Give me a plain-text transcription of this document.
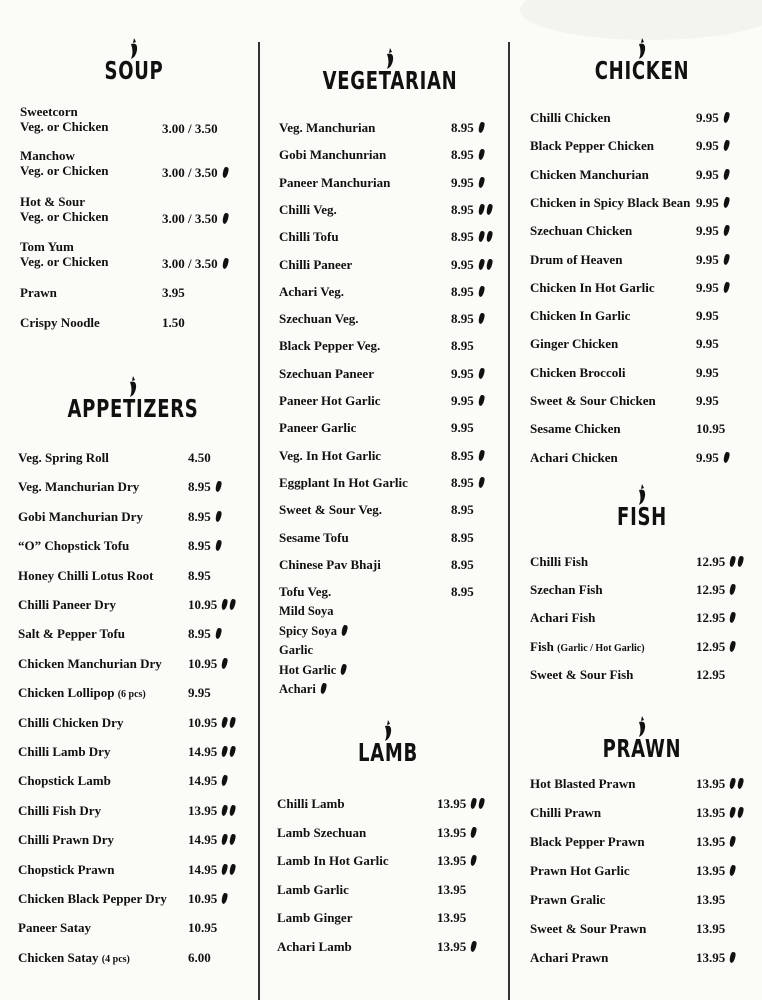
SOUP
Sweetcorn
Veg. or Chicken	3.00 / 3.50
Manchow
Veg. or Chicken	3.00 / 3.50
Hot & Sour
Veg. or Chicken	3.00 / 3.50
Tom Yum
Veg. or Chicken	3.00 / 3.50
Prawn	3.95
Crispy Noodle	1.50
APPETIZERS
Veg. Spring Roll	4.50
Veg. Manchurian Dry	8.95
Gobi Manchurian Dry	8.95
“O” Chopstick Tofu	8.95
Honey Chilli Lotus Root	8.95
Chilli Paneer Dry	10.95
Salt & Pepper Tofu	8.95
Chicken Manchurian Dry 10.95
Chicken Lollipop (6 pcs)	9.95
Chilli Chicken Dry	10.95
Chilli Lamb Dry	14.95
Chopstick Lamb	14.95
Chilli Fish Dry	13.95
Chilli Prawn Dry	14.95
Chopstick Prawn	14.95
Chicken Black Pepper Dry 10.95
Paneer Satay	10.95
Chicken Satay (4 pcs)	6.00
VEGETARIAN
Veg. Manchurian	8.95
Gobi Manchunrian	8.95
Paneer Manchurian	9.95
Chilli Veg.	8.95
Chilli Tofu	8.95
Chilli Paneer	9.95
Achari Veg.	8.95
Szechuan Veg.	8.95
Black Pepper Veg.	8.95
Szechuan Paneer	9.95
Paneer Hot Garlic	9.95
Paneer Garlic	9.95
Veg. In Hot Garlic	8.95
Eggplant In Hot Garlic	8.95
Sweet & Sour Veg.	8.95
Sesame Tofu	8.95
Chinese Pav Bhaji	8.95
Tofu Veg.	8.95
Mild Soya
Spicy Soya
Garlic
Hot Garlic
Achari
LAMB
Chilli Lamb	13.95
Lamb Szechuan	13.95
Lamb In Hot Garlic	13.95
Lamb Garlic	13.95
Lamb Ginger	13.95
Achari Lamb	13.95
CHICKEN
Chilli Chicken	9.95
Black Pepper Chicken	9.95
Chicken Manchurian	9.95
Chicken in Spicy Black Bean 9.95
Szechuan Chicken	9.95
Drum of Heaven	9.95
Chicken In Hot Garlic	9.95
Chicken In Garlic	9.95
Ginger Chicken	9.95
Chicken Broccoli	9.95
Sweet & Sour Chicken	9.95
Sesame Chicken	10.95
Achari Chicken	9.95
FISH
Chilli Fish	12.95
Szechan Fish	12.95
Achari Fish	12.95
Fish (Garlic / Hot Garlic)	12.95
Sweet & Sour Fish	12.95
PRAWN
Hot Blasted Prawn	13.95
Chilli Prawn	13.95
Black Pepper Prawn	13.95
Prawn Hot Garlic	13.95
Prawn Gralic	13.95
Sweet & Sour Prawn	13.95
Achari Prawn	13.95
